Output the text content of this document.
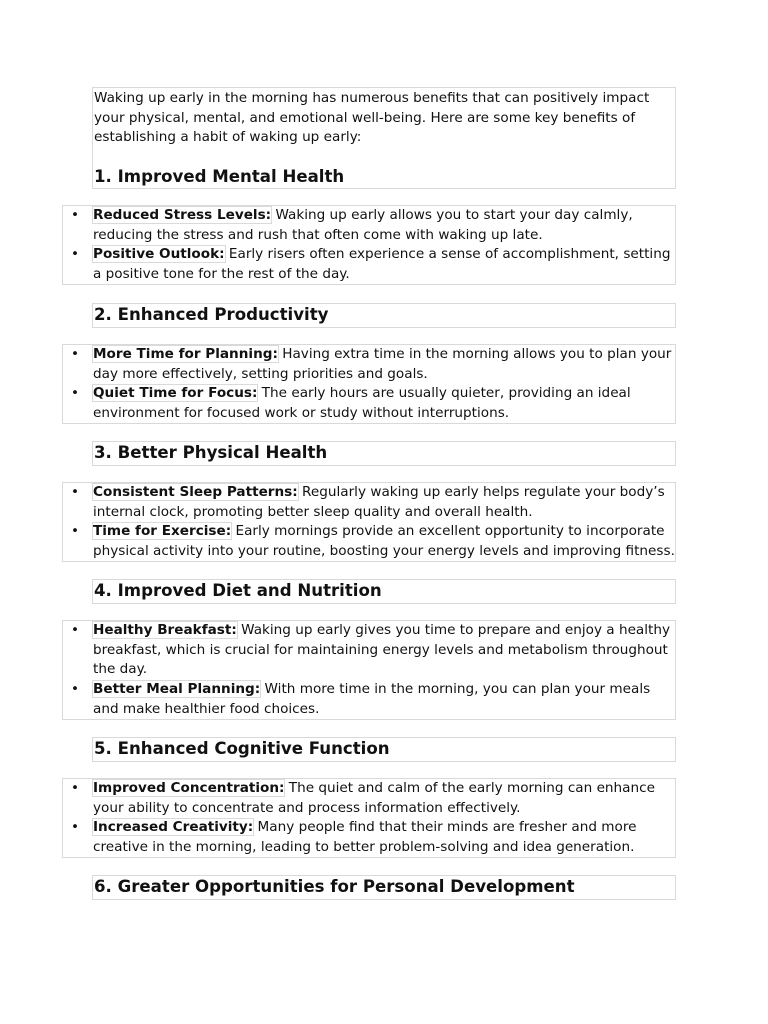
Waking up early in the morning has numerous benefits that can positively impact your physical, mental, and emotional well-being. Here are some key benefits of establishing a habit of waking up early:

1. Improved Mental Health
• Reduced Stress Levels: Waking up early allows you to start your day calmly, reducing the stress and rush that often come with waking up late.
• Positive Outlook: Early risers often experience a sense of accomplishment, setting a positive tone for the rest of the day.
2. Enhanced Productivity
• More Time for Planning: Having extra time in the morning allows you to plan your day more effectively, setting priorities and goals.
• Quiet Time for Focus: The early hours are usually quieter, providing an ideal environment for focused work or study without interruptions.
3. Better Physical Health
• Consistent Sleep Patterns: Regularly waking up early helps regulate your body’s internal clock, promoting better sleep quality and overall health.
• Time for Exercise: Early mornings provide an excellent opportunity to incorporate physical activity into your routine, boosting your energy levels and improving fitness.
4. Improved Diet and Nutrition
• Healthy Breakfast: Waking up early gives you time to prepare and enjoy a healthy breakfast, which is crucial for maintaining energy levels and metabolism throughout the day.
• Better Meal Planning: With more time in the morning, you can plan your meals and make healthier food choices.
5. Enhanced Cognitive Function
• Improved Concentration: The quiet and calm of the early morning can enhance your ability to concentrate and process information effectively.
• Increased Creativity: Many people find that their minds are fresher and more creative in the morning, leading to better problem-solving and idea generation.
6. Greater Opportunities for Personal Development
